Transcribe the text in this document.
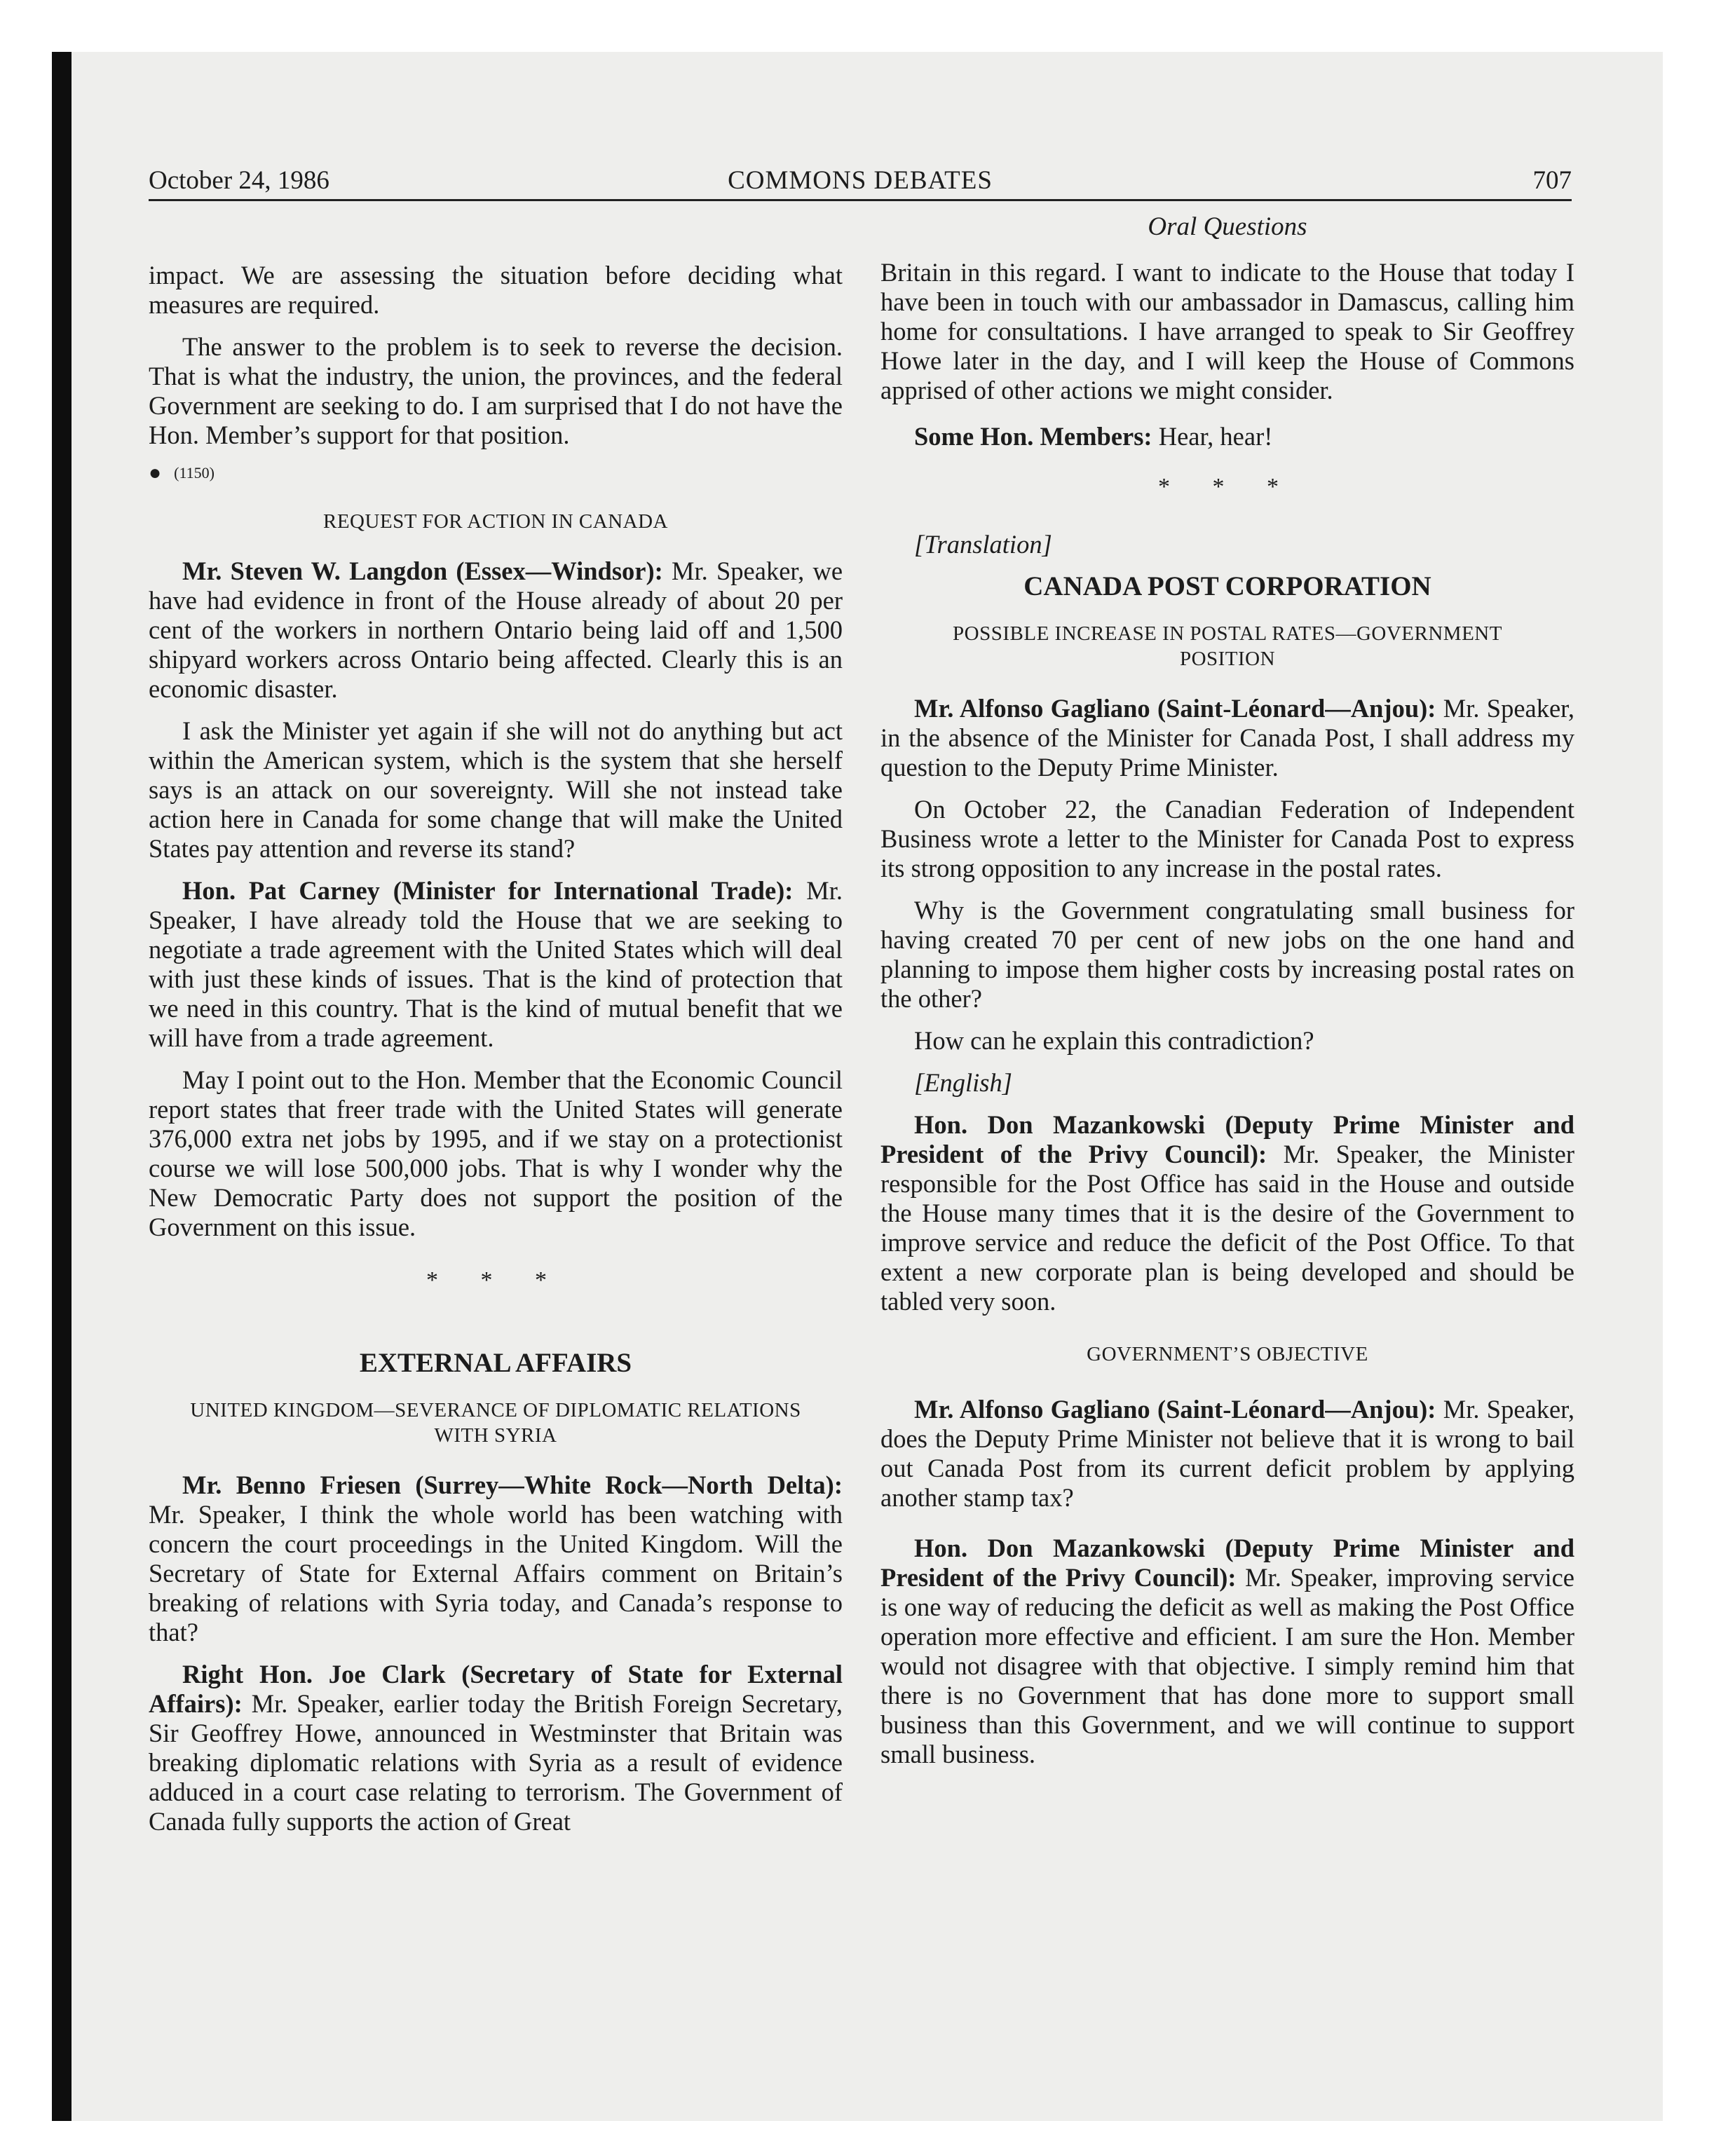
COMMONS DEBATES
October 24, 1986	707
Oral Questions

impact. We are assessing the situation before deciding what measures are required.

The answer to the problem is to seek to reverse the decision. That is what the industry, the union, the provinces, and the federal Government are seeking to do. I am surprised that I do not have the Hon. Member’s support for that position.

● (1150)
REQUEST FOR ACTION IN CANADA

Mr. Steven W. Langdon (Essex—Windsor): Mr. Speaker, we have had evidence in front of the House already of about 20 per cent of the workers in northern Ontario being laid off and 1,500 shipyard workers across Ontario being affected. Clearly this is an economic disaster.

I ask the Minister yet again if she will not do anything but act within the American system, which is the system that she herself says is an attack on our sovereignty. Will she not instead take action here in Canada for some change that will make the United States pay attention and reverse its stand?

Hon. Pat Carney (Minister for International Trade): Mr. Speaker, I have already told the House that we are seeking to negotiate a trade agreement with the United States which will deal with just these kinds of issues. That is the kind of protection that we need in this country. That is the kind of mutual benefit that we will have from a trade agreement.

May I point out to the Hon. Member that the Economic Council report states that freer trade with the United States will generate 376,000 extra net jobs by 1995, and if we stay on a protectionist course we will lose 500,000 jobs. That is why I wonder why the New Democratic Party does not support the position of the Government on this issue.

* * *
EXTERNAL AFFAIRS
UNITED KINGDOM—SEVERANCE OF DIPLOMATIC RELATIONS WITH SYRIA

Mr. Benno Friesen (Surrey—White Rock—North Delta): Mr. Speaker, I think the whole world has been watching with concern the court proceedings in the United Kingdom. Will the Secretary of State for External Affairs comment on Britain’s breaking of relations with Syria today, and Canada’s response to that?

Right Hon. Joe Clark (Secretary of State for External Affairs): Mr. Speaker, earlier today the British Foreign Secretary, Sir Geoffrey Howe, announced in Westminster that Britain was breaking diplomatic relations with Syria as a result of evidence adduced in a court case relating to terrorism. The Government of Canada fully supports the action of Great

Britain in this regard. I want to indicate to the House that today I have been in touch with our ambassador in Damascus, calling him home for consultations. I have arranged to speak to Sir Geoffrey Howe later in the day, and I will keep the House of Commons apprised of other actions we might consider.

Some Hon. Members: Hear, hear!

* * *

[Translation]

CANADA POST CORPORATION
POSSIBLE INCREASE IN POSTAL RATES—GOVERNMENT POSITION

Mr. Alfonso Gagliano (Saint-Léonard—Anjou): Mr. Speaker, in the absence of the Minister for Canada Post, I shall address my question to the Deputy Prime Minister.

On October 22, the Canadian Federation of Independent Business wrote a letter to the Minister for Canada Post to express its strong opposition to any increase in the postal rates.

Why is the Government congratulating small business for having created 70 per cent of new jobs on the one hand and planning to impose them higher costs by increasing postal rates on the other?

How can he explain this contradiction?

[English]

Hon. Don Mazankowski (Deputy Prime Minister and President of the Privy Council): Mr. Speaker, the Minister responsible for the Post Office has said in the House and outside the House many times that it is the desire of the Government to improve service and reduce the deficit of the Post Office. To that extent a new corporate plan is being developed and should be tabled very soon.

GOVERNMENT’S OBJECTIVE

Mr. Alfonso Gagliano (Saint-Léonard—Anjou): Mr. Speaker, does the Deputy Prime Minister not believe that it is wrong to bail out Canada Post from its current deficit problem by applying another stamp tax?

Hon. Don Mazankowski (Deputy Prime Minister and President of the Privy Council): Mr. Speaker, improving service is one way of reducing the deficit as well as making the Post Office operation more effective and efficient. I am sure the Hon. Member would not disagree with that objective. I simply remind him that there is no Government that has done more to support small business than this Government, and we will continue to support small business.
